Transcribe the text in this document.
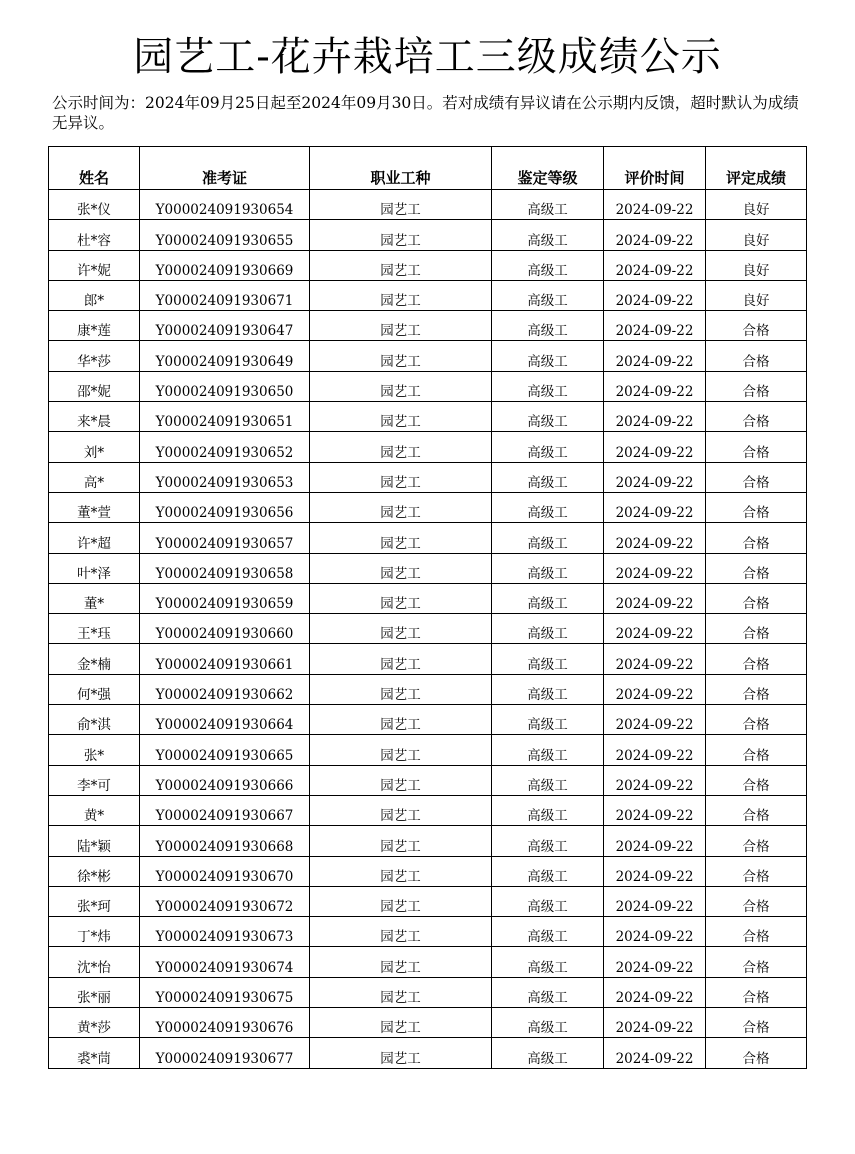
园艺工-花卉栽培工三级成绩公示
公示时间为：2024年09月25日起至2024年09月30日。若对成绩有异议请在公示期内反馈，超时默认为成绩无异议。
姓名	准考证	职业工种	鉴定等级	评价时间	评定成绩
张*仪	Y000024091930654	园艺工	高级工	2024-09-22	良好
杜*容	Y000024091930655	园艺工	高级工	2024-09-22	良好
许*妮	Y000024091930669	园艺工	高级工	2024-09-22	良好
郎*	Y000024091930671	园艺工	高级工	2024-09-22	良好
康*莲	Y000024091930647	园艺工	高级工	2024-09-22	合格
华*莎	Y000024091930649	园艺工	高级工	2024-09-22	合格
邵*妮	Y000024091930650	园艺工	高级工	2024-09-22	合格
来*晨	Y000024091930651	园艺工	高级工	2024-09-22	合格
刘*	Y000024091930652	园艺工	高级工	2024-09-22	合格
高*	Y000024091930653	园艺工	高级工	2024-09-22	合格
董*萱	Y000024091930656	园艺工	高级工	2024-09-22	合格
许*超	Y000024091930657	园艺工	高级工	2024-09-22	合格
叶*泽	Y000024091930658	园艺工	高级工	2024-09-22	合格
董*	Y000024091930659	园艺工	高级工	2024-09-22	合格
王*珏	Y000024091930660	园艺工	高级工	2024-09-22	合格
金*楠	Y000024091930661	园艺工	高级工	2024-09-22	合格
何*强	Y000024091930662	园艺工	高级工	2024-09-22	合格
俞*淇	Y000024091930664	园艺工	高级工	2024-09-22	合格
张*	Y000024091930665	园艺工	高级工	2024-09-22	合格
李*可	Y000024091930666	园艺工	高级工	2024-09-22	合格
黄*	Y000024091930667	园艺工	高级工	2024-09-22	合格
陆*颖	Y000024091930668	园艺工	高级工	2024-09-22	合格
徐*彬	Y000024091930670	园艺工	高级工	2024-09-22	合格
张*珂	Y000024091930672	园艺工	高级工	2024-09-22	合格
丁*炜	Y000024091930673	园艺工	高级工	2024-09-22	合格
沈*怡	Y000024091930674	园艺工	高级工	2024-09-22	合格
张*丽	Y000024091930675	园艺工	高级工	2024-09-22	合格
黄*莎	Y000024091930676	园艺工	高级工	2024-09-22	合格
裘*茼	Y000024091930677	园艺工	高级工	2024-09-22	合格
